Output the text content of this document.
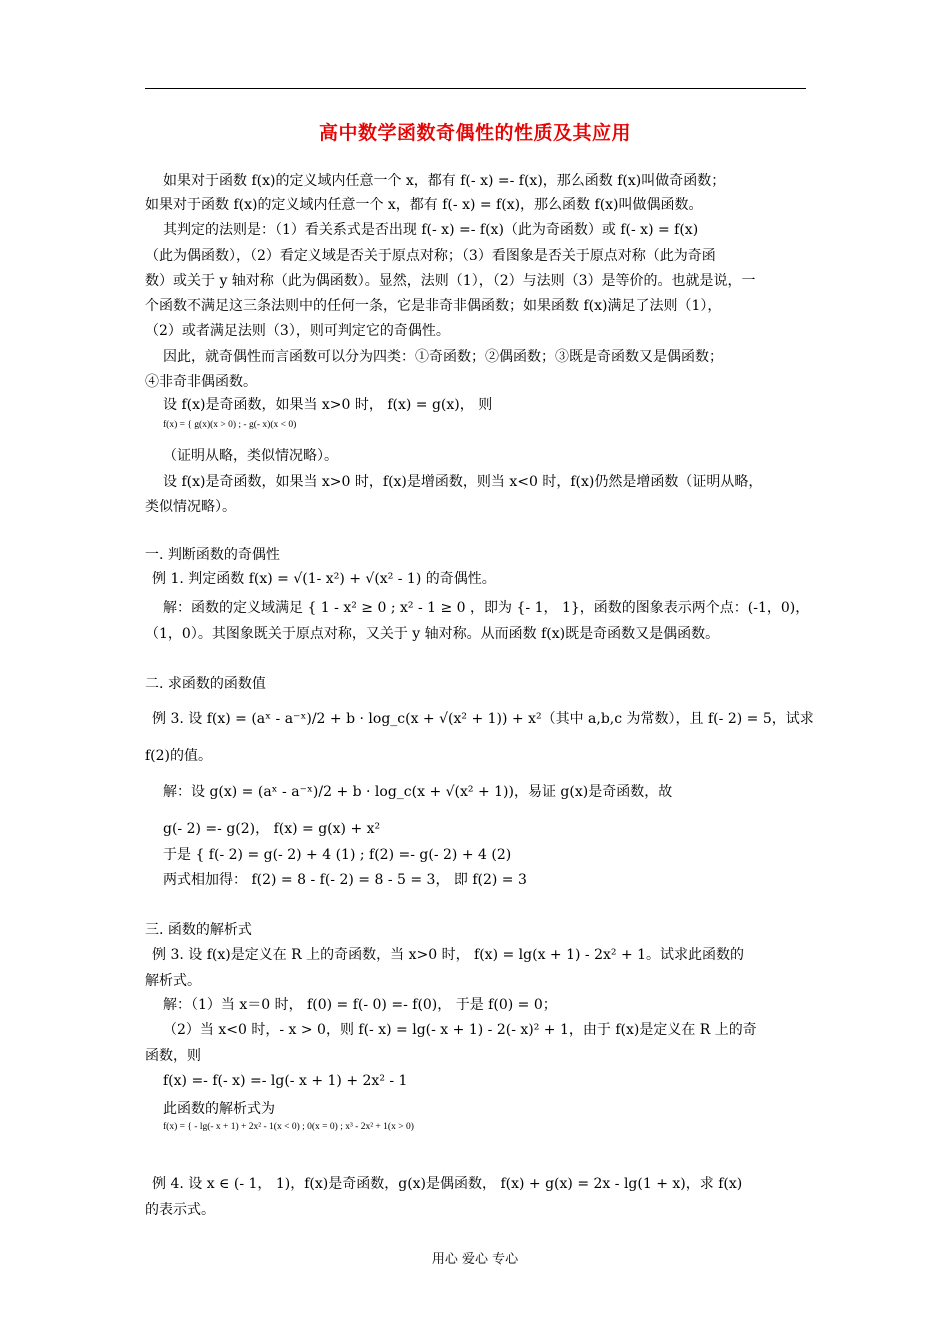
高中数学函数奇偶性的性质及其应用
如果对于函数 f(x)的定义域内任意一个 x，都有 f(- x) =- f(x)，那么函数 f(x)叫做奇函数；
如果对于函数 f(x)的定义域内任意一个 x，都有 f(- x) = f(x)，那么函数 f(x)叫做偶函数。
其判定的法则是：（1）看关系式是否出现 f(- x) =- f(x)（此为奇函数）或 f(- x) = f(x)
（此为偶函数），（2）看定义域是否关于原点对称；（3）看图象是否关于原点对称（此为奇函
数）或关于 y 轴对称（此为偶函数）。显然，法则（1），（2）与法则（3）是等价的。也就是说，一
个函数不满足这三条法则中的任何一条，它是非奇非偶函数；如果函数 f(x)满足了法则（1），
（2）或者满足法则（3），则可判定它的奇偶性。
因此，就奇偶性而言函数可以分为四类：①奇函数；②偶函数；③既是奇函数又是偶函数；
④非奇非偶函数。
设 f(x)是奇函数，如果当 x>0 时， f(x) = g(x)， 则
f(x) = { g(x)(x > 0) ; - g(- x)(x < 0)
（证明从略，类似情况略）。
设 f(x)是奇函数，如果当 x>0 时，f(x)是增函数，则当 x<0 时，f(x)仍然是增函数（证明从略，
类似情况略）。
一. 判断函数的奇偶性
例 1. 判定函数 f(x) = √(1- x²) + √(x² - 1) 的奇偶性。
解：函数的定义域满足 { 1 - x² ≥ 0 ; x² - 1 ≥ 0 ，即为 {- 1， 1}，函数的图象表示两个点：(-1，0)，
（1，0）。其图象既关于原点对称，又关于 y 轴对称。从而函数 f(x)既是奇函数又是偶函数。
二. 求函数的函数值
例 3. 设 f(x) = (aˣ - a⁻ˣ)/2 + b · log_c(x + √(x² + 1)) + x²（其中 a,b,c 为常数），且 f(- 2) = 5，试求
f(2)的值。
解：设 g(x) = (aˣ - a⁻ˣ)/2 + b · log_c(x + √(x² + 1))，易证 g(x)是奇函数，故
g(- 2) =- g(2)， f(x) = g(x) + x²
于是 { f(- 2) = g(- 2) + 4 (1) ; f(2) =- g(- 2) + 4 (2)
两式相加得： f(2) = 8 - f(- 2) = 8 - 5 = 3， 即 f(2) = 3
三. 函数的解析式
例 3. 设 f(x)是定义在 R 上的奇函数，当 x>0 时， f(x) = lg(x + 1) - 2x² + 1。试求此函数的
解析式。
解：（1）当 x＝0 时， f(0) = f(- 0) =- f(0)， 于是 f(0) = 0；
（2）当 x<0 时，- x > 0，则 f(- x) = lg(- x + 1) - 2(- x)² + 1，由于 f(x)是定义在 R 上的奇
函数，则
f(x) =- f(- x) =- lg(- x + 1) + 2x² - 1
此函数的解析式为
f(x) = { - lg(- x + 1) + 2x² - 1(x < 0) ; 0(x = 0) ; x³ - 2x² + 1(x > 0)
例 4. 设 x ∈ (- 1， 1)，f(x)是奇函数，g(x)是偶函数， f(x) + g(x) = 2x - lg(1 + x)，求 f(x)
的表示式。
用心 爱心 专心
